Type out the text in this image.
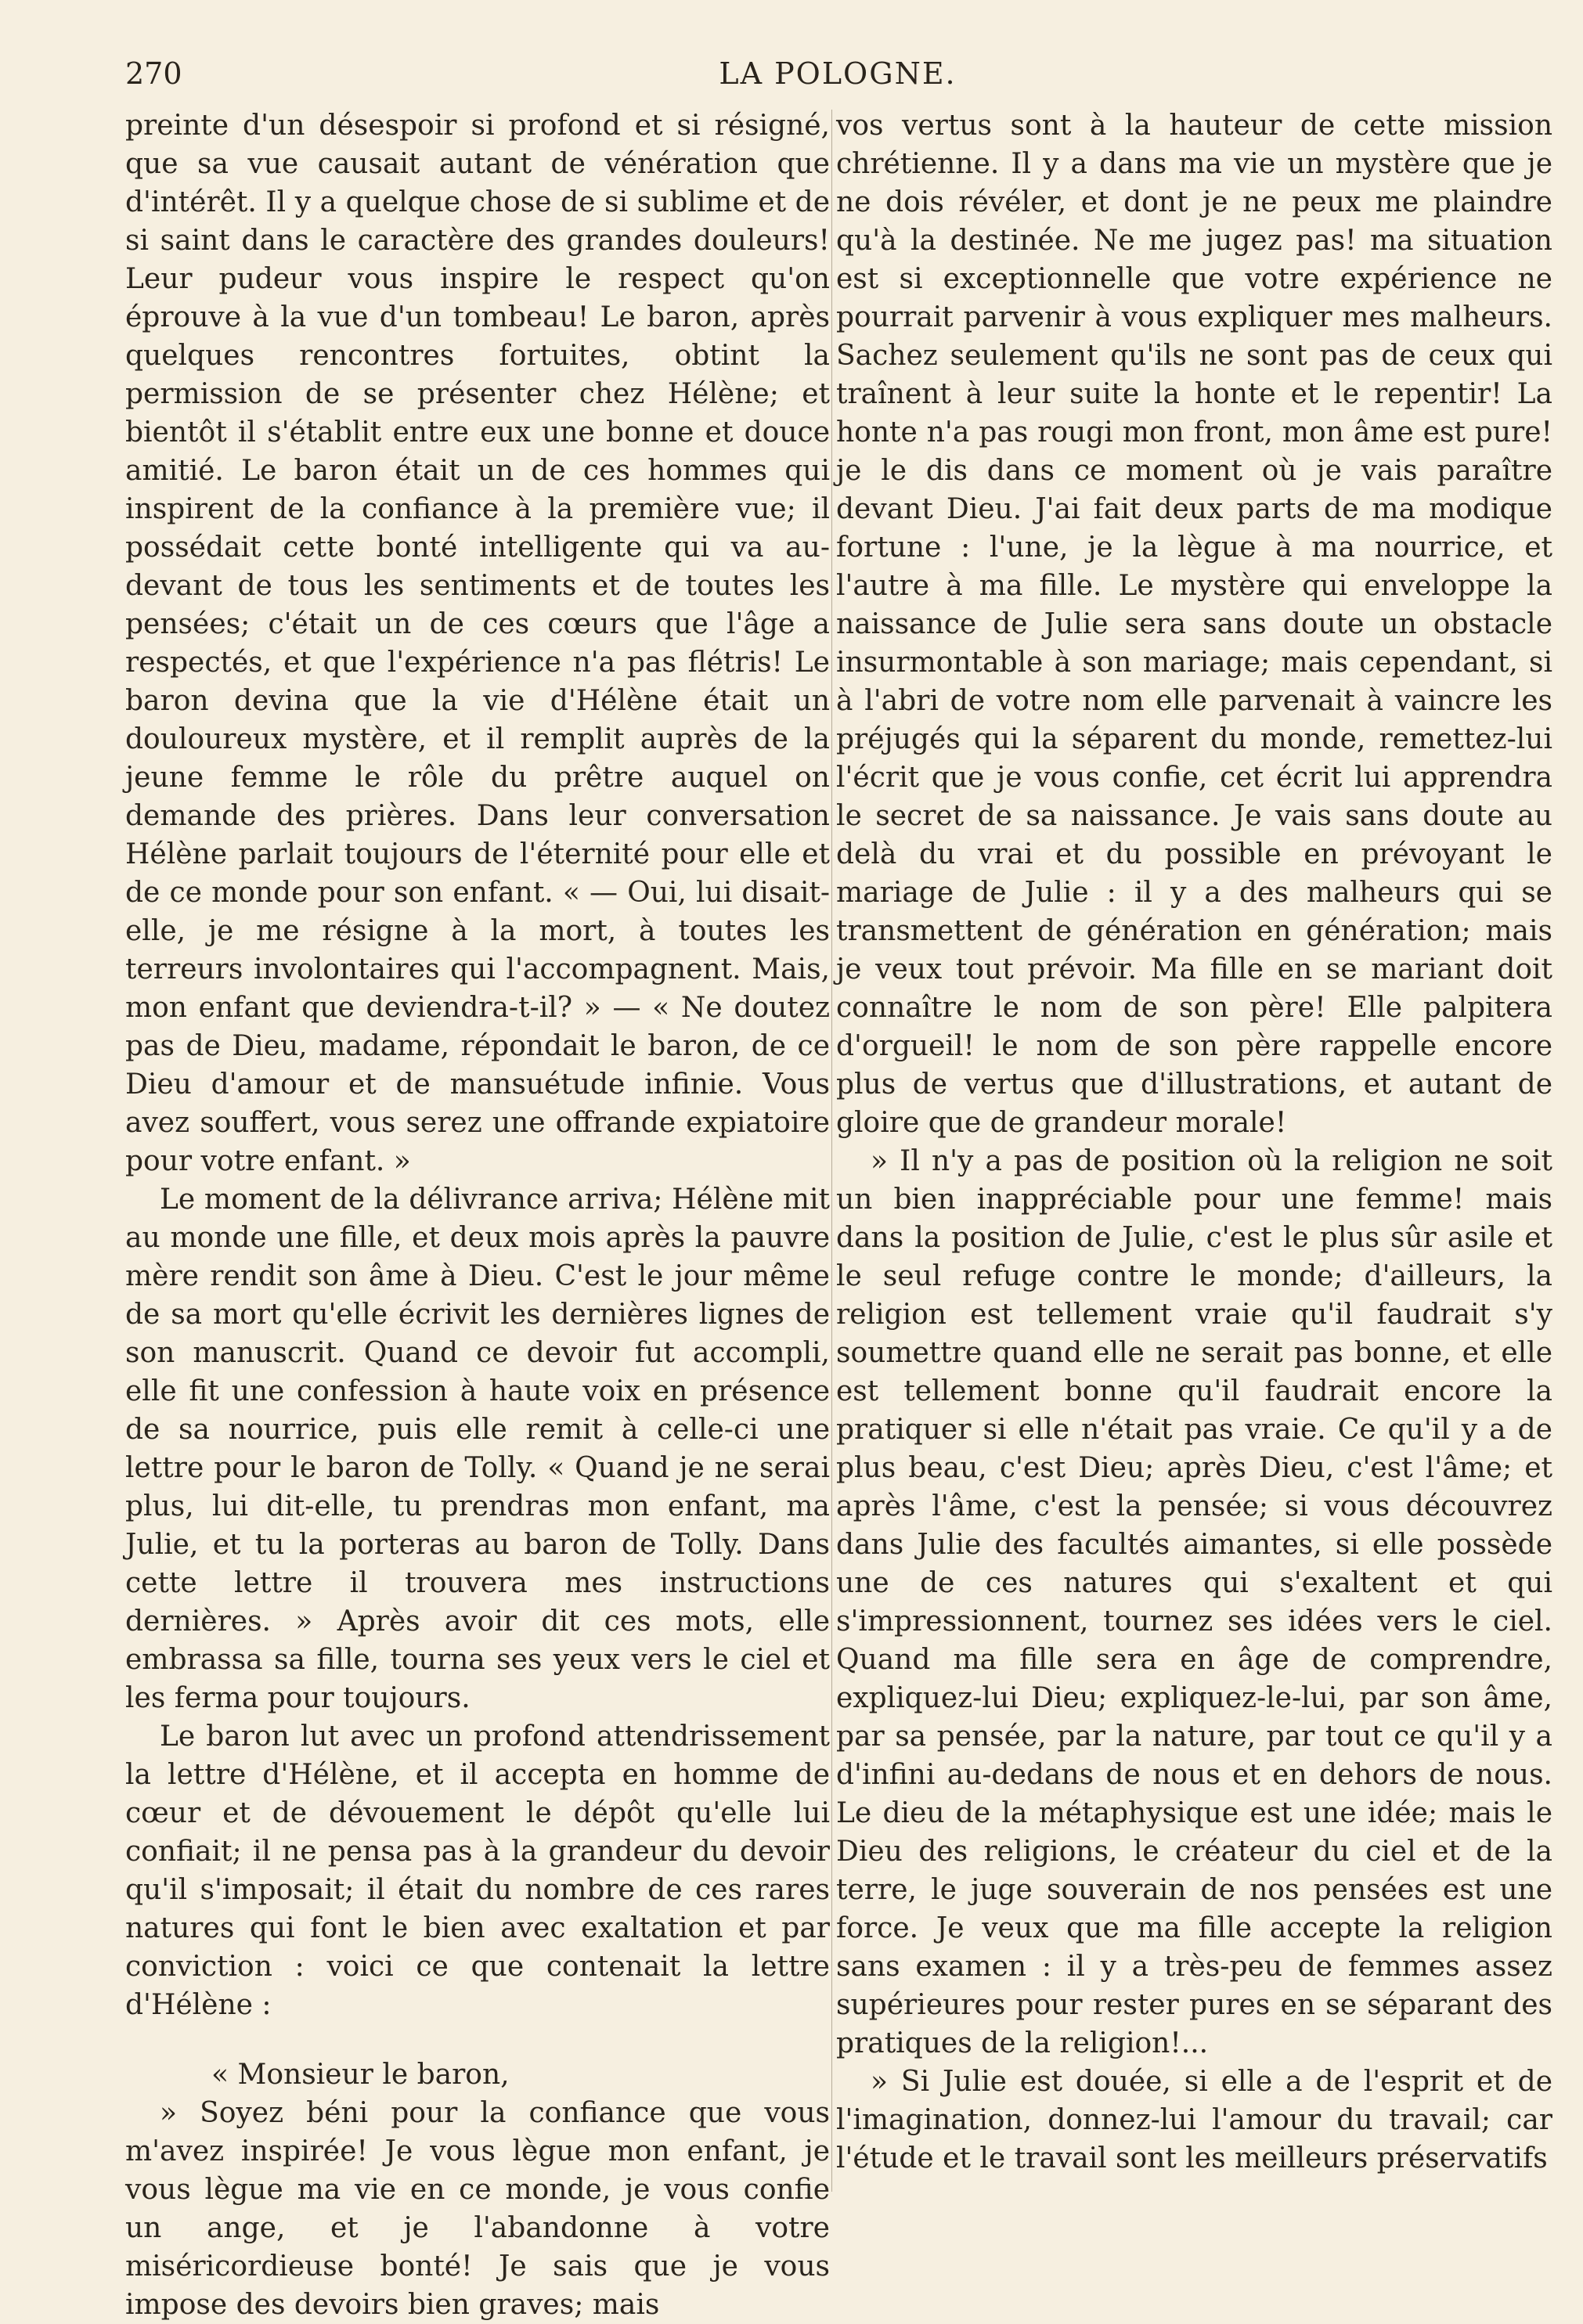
270	LA POLOGNE.

preinte d'un désespoir si profond et si résigné, que sa vue causait autant de vénération que d'intérêt. Il y a quelque chose de si sublime et de si saint dans le caractère des grandes douleurs! Leur pudeur vous inspire le respect qu'on éprouve à la vue d'un tombeau! Le baron, après quelques rencontres fortuites, obtint la permission de se présenter chez Hélène; et bientôt il s'établit entre eux une bonne et douce amitié. Le baron était un de ces hommes qui inspirent de la confiance à la première vue; il possédait cette bonté intelligente qui va au-devant de tous les sentiments et de toutes les pensées; c'était un de ces cœurs que l'âge a respectés, et que l'expérience n'a pas flétris! Le baron devina que la vie d'Hélène était un douloureux mystère, et il remplit auprès de la jeune femme le rôle du prêtre auquel on demande des prières. Dans leur conversation Hélène parlait toujours de l'éternité pour elle et de ce monde pour son enfant. « — Oui, lui disait-elle, je me résigne à la mort, à toutes les terreurs involontaires qui l'accompagnent. Mais, mon enfant que deviendra-t-il? » — « Ne doutez pas de Dieu, madame, répondait le baron, de ce Dieu d'amour et de mansuétude infinie. Vous avez souffert, vous serez une offrande expiatoire pour votre enfant. »

Le moment de la délivrance arriva; Hélène mit au monde une fille, et deux mois après la pauvre mère rendit son âme à Dieu. C'est le jour même de sa mort qu'elle écrivit les dernières lignes de son manuscrit. Quand ce devoir fut accompli, elle fit une confession à haute voix en présence de sa nourrice, puis elle remit à celle-ci une lettre pour le baron de Tolly. « Quand je ne serai plus, lui dit-elle, tu prendras mon enfant, ma Julie, et tu la porteras au baron de Tolly. Dans cette lettre il trouvera mes instructions dernières. » Après avoir dit ces mots, elle embrassa sa fille, tourna ses yeux vers le ciel et les ferma pour toujours.

Le baron lut avec un profond attendrissement la lettre d'Hélène, et il accepta en homme de cœur et de dévouement le dépôt qu'elle lui confiait; il ne pensa pas à la grandeur du devoir qu'il s'imposait; il était du nombre de ces rares natures qui font le bien avec exaltation et par conviction : voici ce que contenait la lettre d'Hélène :

« Monsieur le baron,

» Soyez béni pour la confiance que vous m'avez inspirée! Je vous lègue mon enfant, je vous lègue ma vie en ce monde, je vous confie un ange, et je l'abandonne à votre miséricordieuse bonté! Je sais que je vous impose des devoirs bien graves; mais

vos vertus sont à la hauteur de cette mission chrétienne. Il y a dans ma vie un mystère que je ne dois révéler, et dont je ne peux me plaindre qu'à la destinée. Ne me jugez pas! ma situation est si exceptionnelle que votre expérience ne pourrait parvenir à vous expliquer mes malheurs. Sachez seulement qu'ils ne sont pas de ceux qui traînent à leur suite la honte et le repentir! La honte n'a pas rougi mon front, mon âme est pure! je le dis dans ce moment où je vais paraître devant Dieu. J'ai fait deux parts de ma modique fortune : l'une, je la lègue à ma nourrice, et l'autre à ma fille. Le mystère qui enveloppe la naissance de Julie sera sans doute un obstacle insurmontable à son mariage; mais cependant, si à l'abri de votre nom elle parvenait à vaincre les préjugés qui la séparent du monde, remettez-lui l'écrit que je vous confie, cet écrit lui apprendra le secret de sa naissance. Je vais sans doute au delà du vrai et du possible en prévoyant le mariage de Julie : il y a des malheurs qui se transmettent de génération en génération; mais je veux tout prévoir. Ma fille en se mariant doit connaître le nom de son père! Elle palpitera d'orgueil! le nom de son père rappelle encore plus de vertus que d'illustrations, et autant de gloire que de grandeur morale!

» Il n'y a pas de position où la religion ne soit un bien inappréciable pour une femme! mais dans la position de Julie, c'est le plus sûr asile et le seul refuge contre le monde; d'ailleurs, la religion est tellement vraie qu'il faudrait s'y soumettre quand elle ne serait pas bonne, et elle est tellement bonne qu'il faudrait encore la pratiquer si elle n'était pas vraie. Ce qu'il y a de plus beau, c'est Dieu; après Dieu, c'est l'âme; et après l'âme, c'est la pensée; si vous découvrez dans Julie des facultés aimantes, si elle possède une de ces natures qui s'exaltent et qui s'impressionnent, tournez ses idées vers le ciel. Quand ma fille sera en âge de comprendre, expliquez-lui Dieu; expliquez-le-lui, par son âme, par sa pensée, par la nature, par tout ce qu'il y a d'infini au-dedans de nous et en dehors de nous. Le dieu de la métaphysique est une idée; mais le Dieu des religions, le créateur du ciel et de la terre, le juge souverain de nos pensées est une force. Je veux que ma fille accepte la religion sans examen : il y a très-peu de femmes assez supérieures pour rester pures en se séparant des pratiques de la religion!...

» Si Julie est douée, si elle a de l'esprit et de l'imagination, donnez-lui l'amour du travail; car l'étude et le travail sont les meilleurs préservatifs
